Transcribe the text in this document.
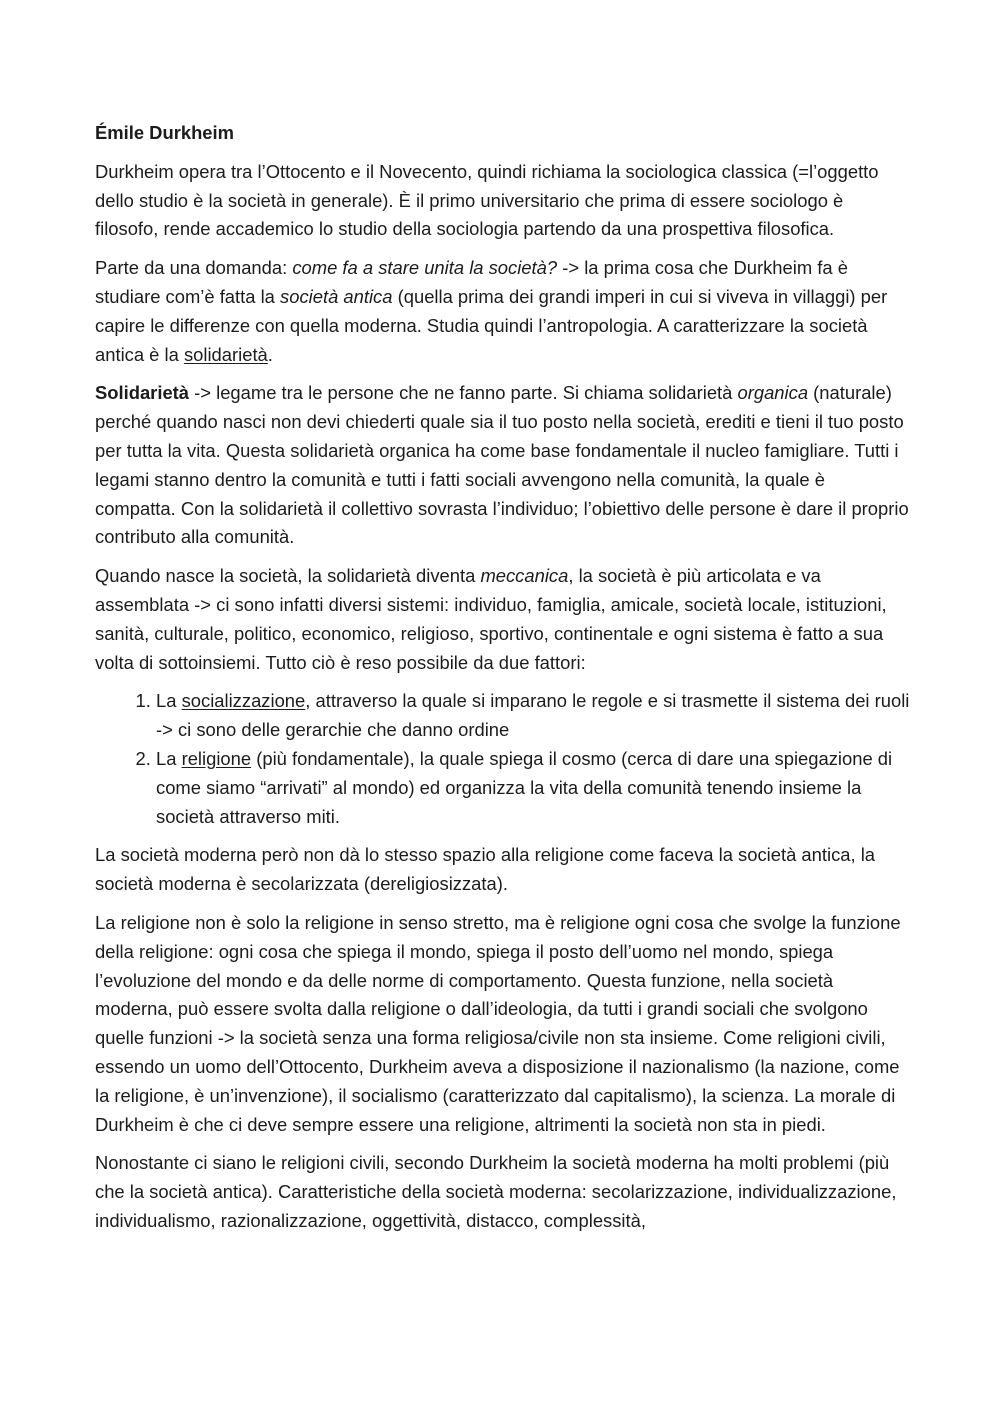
Émile Durkheim

Durkheim opera tra l’Ottocento e il Novecento, quindi richiama la sociologica classica (=l’oggetto dello studio è la società in generale). È il primo universitario che prima di essere sociologo è filosofo, rende accademico lo studio della sociologia partendo da una prospettiva filosofica.

Parte da una domanda: come fa a stare unita la società? -> la prima cosa che Durkheim fa è studiare com’è fatta la società antica (quella prima dei grandi imperi in cui si viveva in villaggi) per capire le differenze con quella moderna. Studia quindi l’antropologia. A caratterizzare la società antica è la solidarietà.

Solidarietà -> legame tra le persone che ne fanno parte. Si chiama solidarietà organica (naturale) perché quando nasci non devi chiederti quale sia il tuo posto nella società, erediti e tieni il tuo posto per tutta la vita. Questa solidarietà organica ha come base fondamentale il nucleo famigliare. Tutti i legami stanno dentro la comunità e tutti i fatti sociali avvengono nella comunità, la quale è compatta. Con la solidarietà il collettivo sovrasta l’individuo; l’obiettivo delle persone è dare il proprio contributo alla comunità.

Quando nasce la società, la solidarietà diventa meccanica, la società è più articolata e va assemblata -> ci sono infatti diversi sistemi: individuo, famiglia, amicale, società locale, istituzioni, sanità, culturale, politico, economico, religioso, sportivo, continentale e ogni sistema è fatto a sua volta di sottoinsiemi. Tutto ciò è reso possibile da due fattori:

1. La socializzazione, attraverso la quale si imparano le regole e si trasmette il sistema dei ruoli -> ci sono delle gerarchie che danno ordine
2. La religione (più fondamentale), la quale spiega il cosmo (cerca di dare una spiegazione di come siamo “arrivati” al mondo) ed organizza la vita della comunità tenendo insieme la società attraverso miti.

La società moderna però non dà lo stesso spazio alla religione come faceva la società antica, la società moderna è secolarizzata (dereligiosizzata).

La religione non è solo la religione in senso stretto, ma è religione ogni cosa che svolge la funzione della religione: ogni cosa che spiega il mondo, spiega il posto dell’uomo nel mondo, spiega l’evoluzione del mondo e da delle norme di comportamento. Questa funzione, nella società moderna, può essere svolta dalla religione o dall’ideologia, da tutti i grandi sociali che svolgono quelle funzioni -> la società senza una forma religiosa/civile non sta insieme. Come religioni civili, essendo un uomo dell’Ottocento, Durkheim aveva a disposizione il nazionalismo (la nazione, come la religione, è un’invenzione), il socialismo (caratterizzato dal capitalismo), la scienza. La morale di Durkheim è che ci deve sempre essere una religione, altrimenti la società non sta in piedi.

Nonostante ci siano le religioni civili, secondo Durkheim la società moderna ha molti problemi (più che la società antica). Caratteristiche della società moderna: secolarizzazione, individualizzazione, individualismo, razionalizzazione, oggettività, distacco, complessità,
